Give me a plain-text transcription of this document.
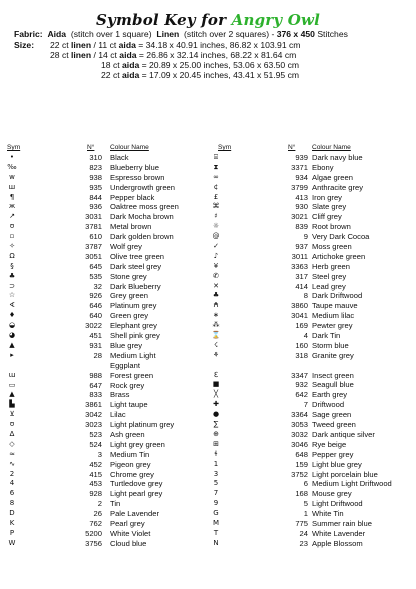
Symbol Key for Angry Owl
Fabric: Aida (stitch over 1 square) Linen (stitch over 2 squares) - 376 x 450 Stitches
Size: 22 ct linen / 11 ct aida = 34.18 x 40.91 inches, 86.82 x 103.91 cm
28 ct linen / 14 ct aida = 26.86 x 32.14 inches, 68.22 x 81.64 cm
18 ct aida = 20.89 x 25.00 inches, 53.06 x 63.50 cm
22 ct aida = 17.09 x 20.45 inches, 43.41 x 51.95 cm
Sym	N° Colour Name	Sym	N°	Colour Name
•	310 Black
‰	823 Blueberry blue
w	938 Espresso brown
ш	935 Undergrowth green
¶	844 Pepper black
ж	936 Oaktree moss green
↗	3031 Dark Mocha brown
ʊ	3781 Metal brown
▫	610 Dark golden brown
✧	3787 Wolf grey
Ω	3051 Olive tree green
§	645 Dark steel grey
♣	535 Stone grey
⊃	32 Dark Blueberry
☆	926 Grey green
∢	646 Platinum grey
♦	640 Green grey
◒	3022 Elephant grey
◕	451 Shell pink grey
▲	931 Blue grey
▸	28 Medium Light Eggplant
ɯ	988 Forest green
▭	647 Rock grey
▲	833 Brass
▙	3861 Light taupe
⊻	3042 Lilac
ʊ	3023 Light platinum grey
∆	523 Ash green
◇	524 Light grey green
≈	3 Medium Tin
∿	452 Pigeon grey
2	415 Chrome grey
4	453 Turtledove grey
6	928 Light pearl grey
8	2 Tin
D	26 Pale Lavender
K	762 Pearl grey
P	5200 White Violet
W	3756 Cloud blue
⌸	939 Dark navy blue
⧗	3371 Ebony
∞	934 Algae green
¢	3799 Anthracite grey
£	413 Iron grey
⌘	930 Slate grey
♯	3021 Cliff grey
☼	839 Root brown
@	9 Very Dark Cocoa
✓	937 Moss green
♪	3011 Artichoke green
¥	3363 Herb green
✆	317 Steel grey
✕	414 Lead grey
♣	8 Dark Driftwood
₳	3860 Taupe mauve
∗	3041 Medium lilac
⁂	169 Pewter grey
⌛	4 Dark Tin
☇	160 Storm blue
⚘	318 Granite grey
ℇ	3347 Insect green
■	932 Seagull blue
╳	642 Earth grey
✚	7 Driftwood
●	3364 Sage green
∑	3053 Tweed green
⊕	3032 Dark antique silver
⊞	3046 Rye beige
ɬ	648 Pepper grey
1	159 Light blue grey
3	3752 Light porcelain blue
5	6 Medium Light Driftwood
7	168 Mouse grey
9	5 Light Driftwood
G	1 White Tin
M	775 Summer rain blue
T	24 White Lavender
N	23 Apple Blossom
